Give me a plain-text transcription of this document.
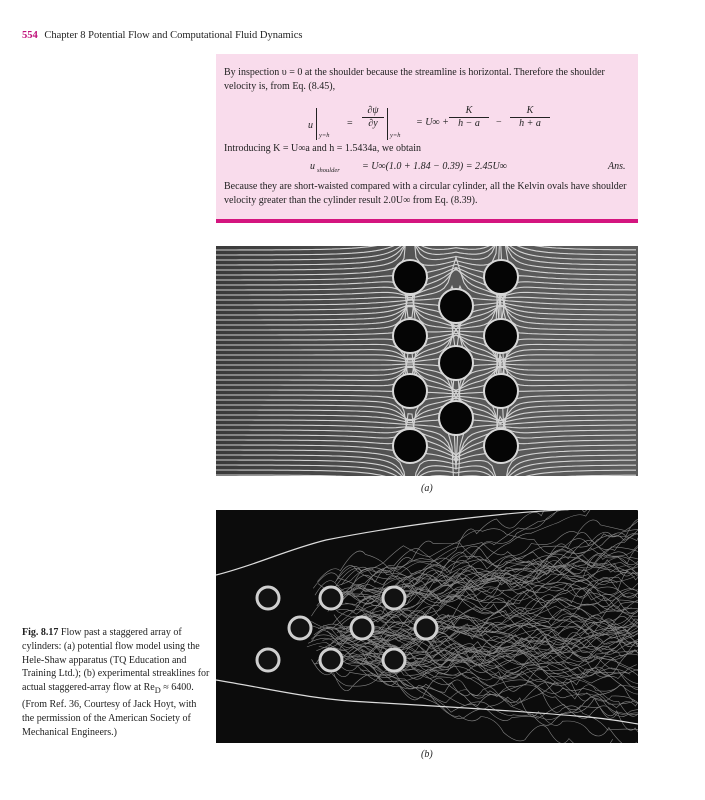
554 Chapter 8 Potential Flow and Computational Fluid Dynamics
By inspection υ = 0 at the shoulder because the streamline is horizontal. Therefore the shoulder velocity is, from Eq. (8.45),
u
y=h
=
∂ψ
∂y
y=h
= U∞ +
K
h − a	−
K
h + a
Introducing K = U∞a and h = 1.5434a, we obtain
u shoulder = U∞(1.0 + 1.84 − 0.39) = 2.45U∞	Ans.
Because they are short-waisted compared with a circular cylinder, all the Kelvin ovals have shoulder velocity greater than the cylinder result 2.0U∞ from Eq. (8.39).
(a)
(b)
Fig. 8.17 Flow past a staggered array of cylinders: (a) potential flow model using the Hele-Shaw apparatus (TQ Education and Training Ltd.); (b) experimental streaklines for actual staggered-array flow at $Re_D \approx 6400$. (From Ref. 36, Courtesy of Jack Hoyt, with the permission of the American Society of Mechanical Engineers.)
